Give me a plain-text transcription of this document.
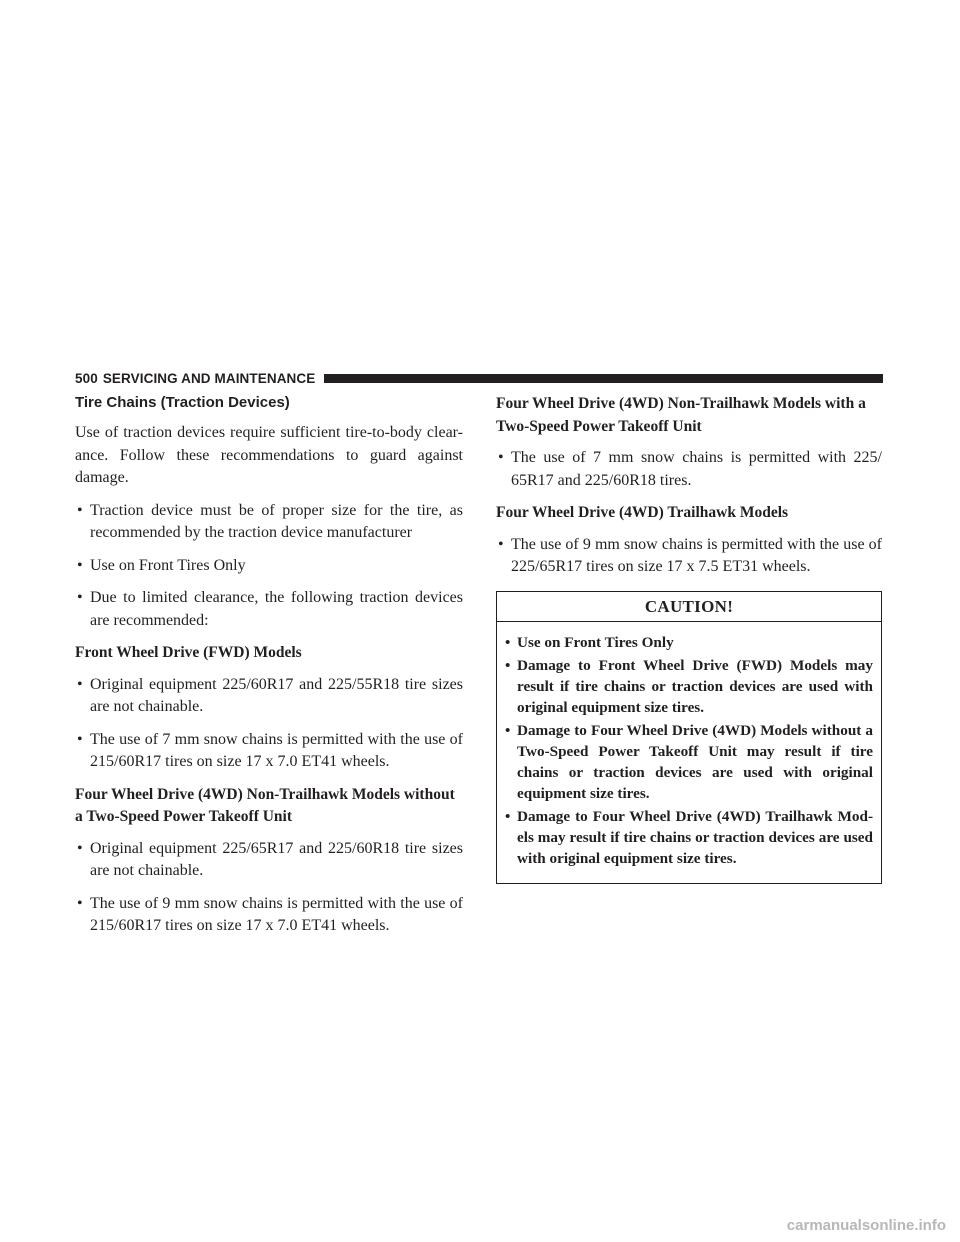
500 SERVICING AND MAINTENANCE
Tire Chains (Traction Devices)

Use of traction devices require sufficient tire-to-body clear-ance. Follow these recommendations to guard against damage.

• Traction device must be of proper size for the tire, as recommended by the traction device manufacturer
• Use on Front Tires Only
• Due to limited clearance, the following traction devices are recommended:
Front Wheel Drive (FWD) Models
• Original equipment 225/60R17 and 225/55R18 tire sizes are not chainable.
• The use of 7 mm snow chains is permitted with the use of 215/60R17 tires on size 17 x 7.0 ET41 wheels.
Four Wheel Drive (4WD) Non-Trailhawk Models without a Two-Speed Power Takeoff Unit
• Original equipment 225/65R17 and 225/60R18 tire sizes are not chainable.
• The use of 9 mm snow chains is permitted with the use of 215/60R17 tires on size 17 x 7.0 ET41 wheels.
Four Wheel Drive (4WD) Non-Trailhawk Models with a Two-Speed Power Takeoff Unit
• The use of 7 mm snow chains is permitted with 225/ 65R17 and 225/60R18 tires.
Four Wheel Drive (4WD) Trailhawk Models
• The use of 9 mm snow chains is permitted with the use of 225/65R17 tires on size 17 x 7.5 ET31 wheels.
CAUTION!
• Use on Front Tires Only
• Damage to Front Wheel Drive (FWD) Models may result if tire chains or traction devices are used with original equipment size tires.
• Damage to Four Wheel Drive (4WD) Models without a Two-Speed Power Takeoff Unit may result if tire chains or traction devices are used with original equipment size tires.
• Damage to Four Wheel Drive (4WD) Trailhawk Mod-els may result if tire chains or traction devices are used with original equipment size tires.
carmanualsonline.info
